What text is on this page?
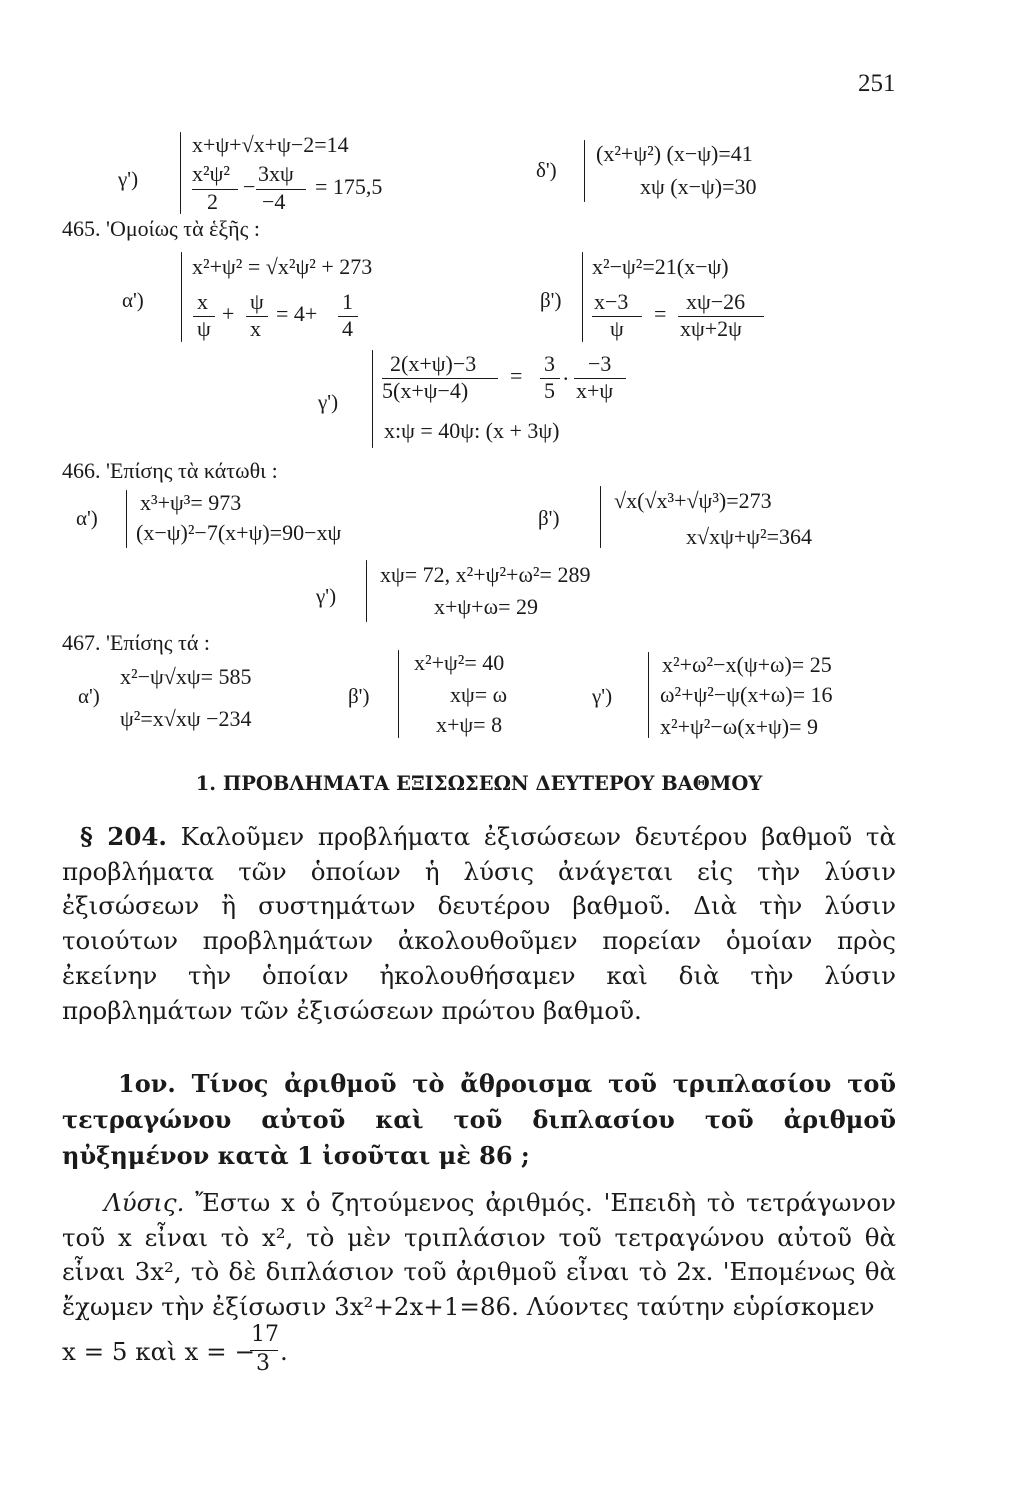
251
γ')
x+ψ+√x+ψ−2=14
x²ψ²
2
−
3xψ
−4
= 175,5
δ')
(x²+ψ²) (x−ψ)=41
xψ (x−ψ)=30
465. 'Ομοίως τὰ ἑξῆς :
α')
x²+ψ² = √x²ψ² + 273
x
ψ
+ ψ
x
= 4+ 1
4
β')
x²−ψ²=21(x−ψ)
x−3
ψ
= xψ−26
xψ+2ψ
γ')
2(x+ψ)−3
5(x+ψ−4)
= 3
5
. −3
x+ψ
x:ψ = 40ψ: (x + 3ψ)
466. 'Επίσης τὰ κάτωθι :
α')
x³+ψ³= 973
(x−ψ)²−7(x+ψ)=90−xψ
β')
√x(√x³+√ψ³)=273
x√xψ+ψ²=364
γ')
xψ= 72, x²+ψ²+ω²= 289
x+ψ+ω= 29
467. 'Επίσης τά :
α')
x²−ψ√xψ= 585
ψ²=x√xψ −234
β')
x²+ψ²= 40
xψ= ω
x+ψ= 8
γ')
x²+ω²−x(ψ+ω)= 25
ω²+ψ²−ψ(x+ω)= 16
x²+ψ²−ω(x+ψ)= 9
1. ΠΡΟΒΛΗΜΑΤΑ ΕΞΙΣΩΣΕΩΝ ΔΕΥΤΕΡΟΥ ΒΑΘΜΟΥ
§ 204. Καλοῦμεν προβλήματα ἐξισώσεων δευτέρου βαθμοῦ τὰ προβλήματα τῶν ὁποίων ἡ λύσις ἀνάγεται εἰς τὴν λύσιν ἐξισώσεων ἢ συστημάτων δευτέρου βαθμοῦ. Διὰ τὴν λύσιν τοιούτων προβλημάτων ἀκολουθοῦμεν πορείαν ὁμοίαν πρὸς ἐκείνην τὴν ὁποίαν ἠκολουθήσαμεν καὶ διὰ τὴν λύσιν προβλημάτων τῶν ἐξισώσεων πρώτου βαθμοῦ.
1ον. Τίνος ἀριθμοῦ τὸ ἄθροισμα τοῦ τριπλασίου τοῦ τετραγώνου αὐτοῦ καὶ τοῦ διπλασίου τοῦ ἀριθμοῦ ηὐξημένον κατὰ 1 ἰσοῦται μὲ 86 ;
Λύσις. Ἔστω x ὁ ζητούμενος ἀριθμός. 'Επειδὴ τὸ τετράγωνον τοῦ x εἶναι τὸ x², τὸ μὲν τριπλάσιον τοῦ τετραγώνου αὐτοῦ θὰ εἶναι 3x², τὸ δὲ διπλάσιον τοῦ ἀριθμοῦ εἶναι τὸ 2x. 'Επομένως θὰ ἔχωμεν τὴν ἐξίσωσιν 3x²+2x+1=86. Λύοντες ταύτην εὑρίσκομεν
x = 5 καὶ x = −
17
3 .
